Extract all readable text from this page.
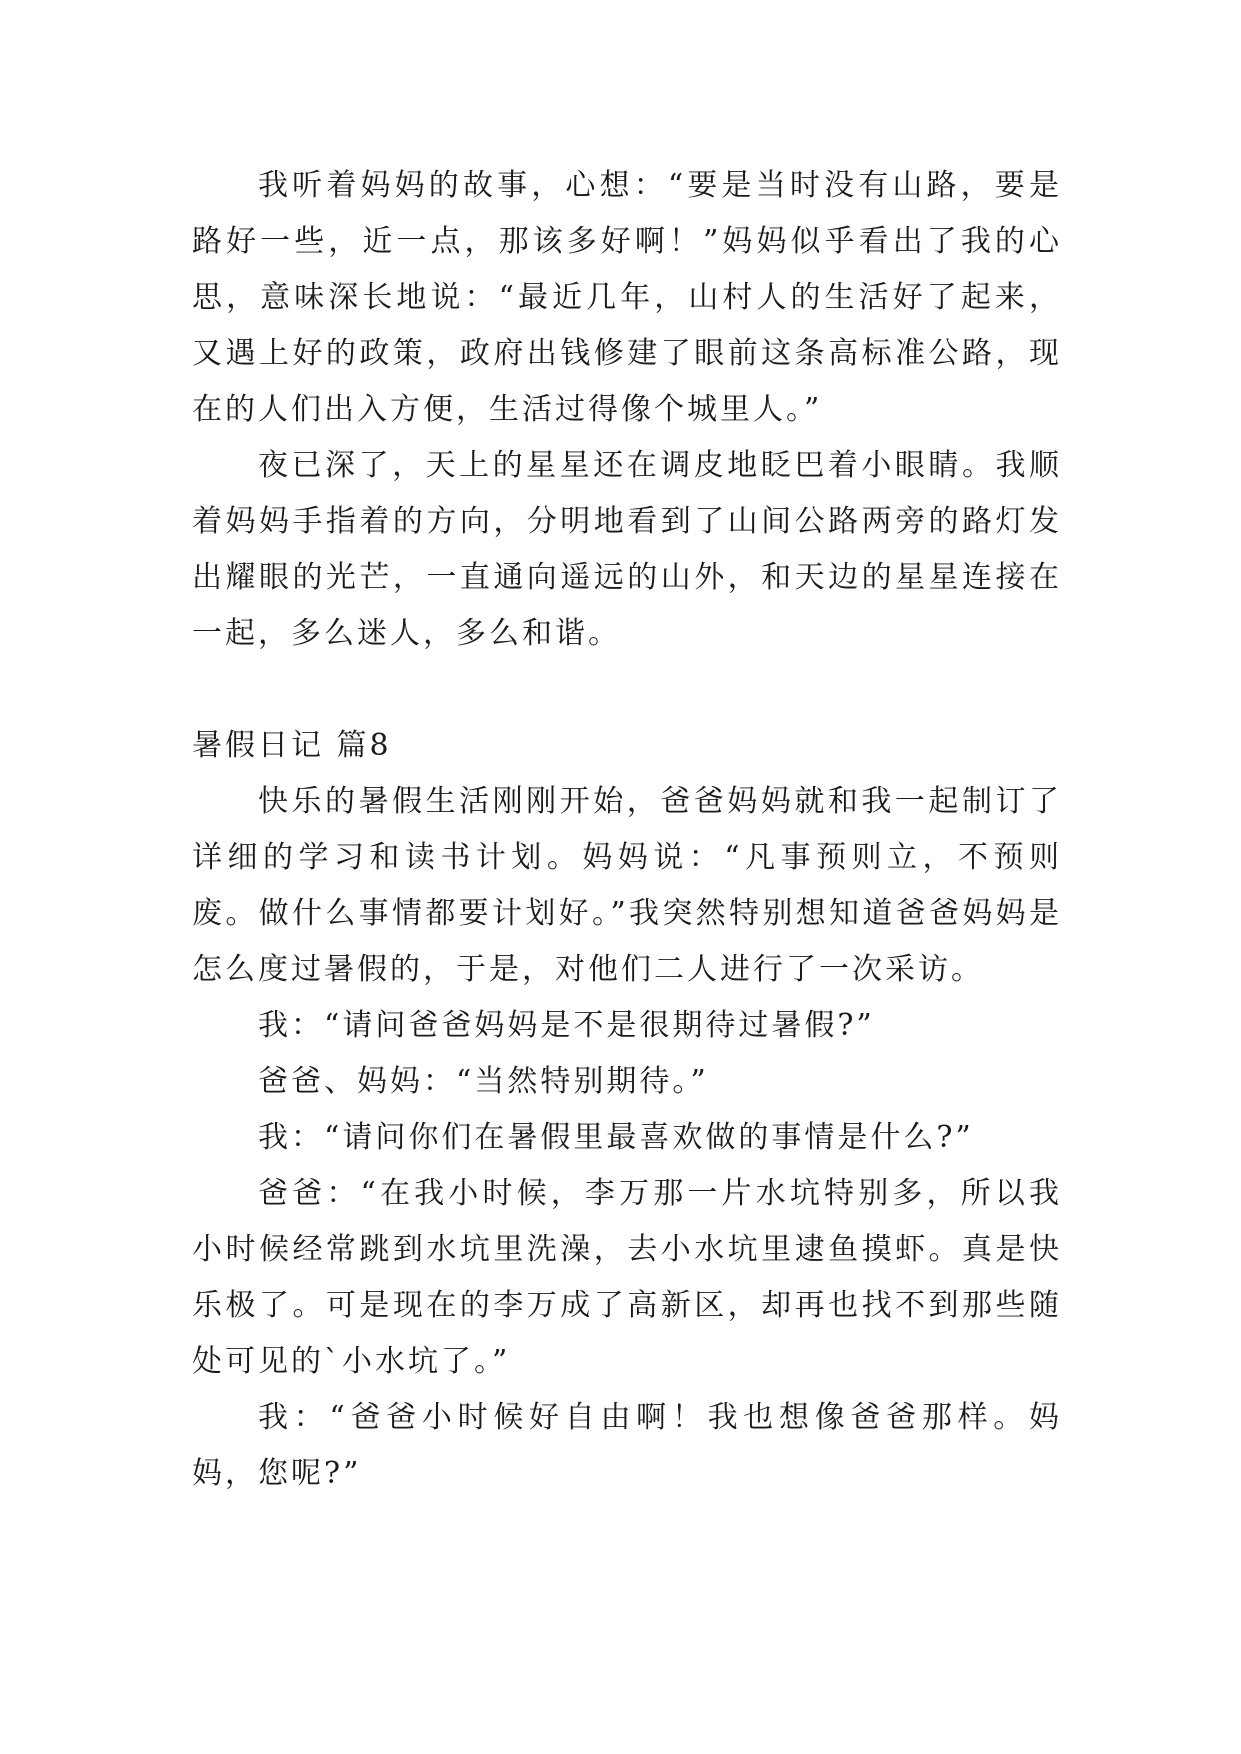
我听着妈妈的故事，心想：“要是当时没有山路，要是路好一些，近一点，那该多好啊！”妈妈似乎看出了我的心思，意味深长地说：“最近几年，山村人的生活好了起来，又遇上好的政策，政府出钱修建了眼前这条高标准公路，现在的人们出入方便，生活过得像个城里人。”

夜已深了，天上的星星还在调皮地眨巴着小眼睛。我顺着妈妈手指着的方向，分明地看到了山间公路两旁的路灯发出耀眼的光芒，一直通向遥远的山外，和天边的星星连接在一起，多么迷人，多么和谐。

暑假日记 篇8

快乐的暑假生活刚刚开始，爸爸妈妈就和我一起制订了详细的学习和读书计划。妈妈说：“凡事预则立，不预则废。做什么事情都要计划好。”我突然特别想知道爸爸妈妈是怎么度过暑假的，于是，对他们二人进行了一次采访。

我：“请问爸爸妈妈是不是很期待过暑假?”

爸爸、妈妈：“当然特别期待。”

我：“请问你们在暑假里最喜欢做的事情是什么?”

爸爸：“在我小时候，李万那一片水坑特别多，所以我小时候经常跳到水坑里洗澡，去小水坑里逮鱼摸虾。真是快乐极了。可是现在的李万成了高新区，却再也找不到那些随处可见的`小水坑了。”

我：“爸爸小时候好自由啊！我也想像爸爸那样。妈妈，您呢?”
